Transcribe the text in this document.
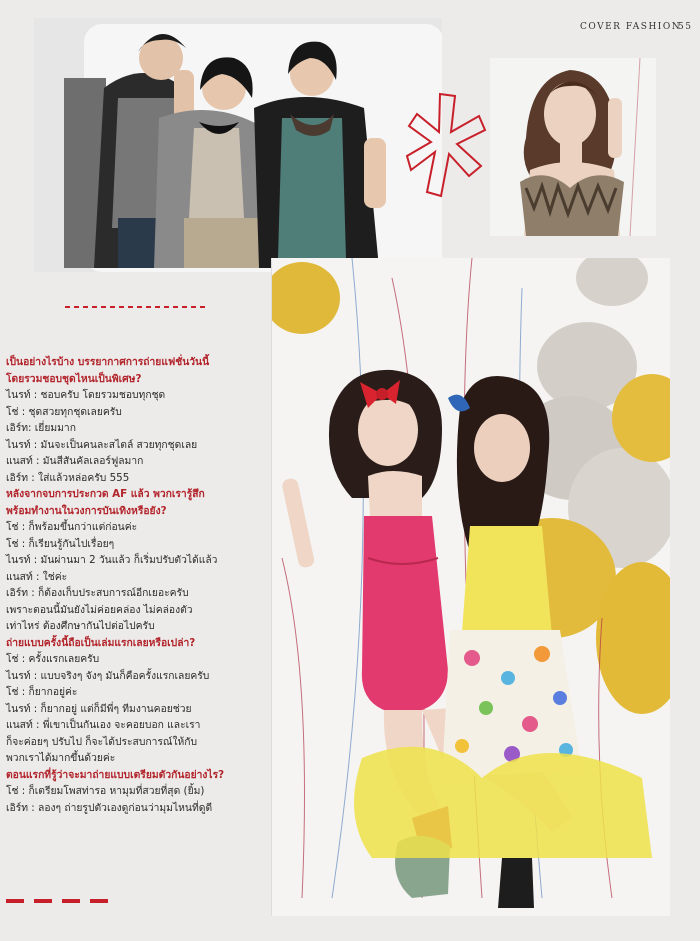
COVER FASHION
55
เป็นอย่างไรบ้าง บรรยากาศการถ่ายแฟชั่นวันนี้
โดยรวมชอบชุดไหนเป็นพิเศษ?
ไนรท์ : ชอบครับ โดยรวมชอบทุกชุด
โช่ : ชุดสวยทุกชุดเลยครับ
เอิร์ท: เยี่ยมมาก
ไนรท์ : มันจะเป็นคนละสไตล์ สวยทุกชุดเลย
แนสท์ : มันสีสันคัลเลอร์ฟูลมาก
เอิร์ท : ใส่แล้วหล่อครับ 555
หลังจากจบการประกวด AF แล้ว พวกเรารู้สึก
พร้อมทำงานในวงการบันเทิงหรือยัง?
โช่ : ก็พร้อมขึ้นกว่าแต่ก่อนค่ะ
โช่ : ก็เรียนรู้กันไปเรื่อยๆ
ไนรท์ : มันผ่านมา 2 วันแล้ว ก็เริ่มปรับตัวได้แล้ว
แนสท์ : ใช่ค่ะ
เอิร์ท : ก็ต้องเก็บประสบการณ์อีกเยอะครับ
เพราะตอนนี้มันยังไม่ค่อยคล่อง ไม่คล่องตัว
เท่าไหร่ ต้องศึกษากันไปต่อไปครับ
ถ่ายแบบครั้งนี้ถือเป็นเล่มแรกเลยหรือเปล่า?
โช่ : ครั้งแรกเลยครับ
ไนรท์ : แบบจริงๆ จังๆ มันก็คือครั้งแรกเลยครับ
โช่ : ก็ยากอยู่ค่ะ
ไนรท์ : ก็ยากอยู่ แต่ก็มีพี่ๆ ทีมงานคอยช่วย
แนสท์ : พี่เขาเป็นกันเอง จะคอยบอก และเรา
ก็จะค่อยๆ ปรับไป ก็จะได้ประสบการณ์ให้กับ
พวกเราได้มากขึ้นด้วยค่ะ
ตอนแรกที่รู้ว่าจะมาถ่ายแบบเตรียมตัวกันอย่างไร?
โช่ : ก็เตรียมโพสท่ารอ หามุมที่สวยที่สุด (ยิ้ม)
เอิร์ท : ลองๆ ถ่ายรูปตัวเองดูก่อนว่ามุมไหนที่ดูดี
